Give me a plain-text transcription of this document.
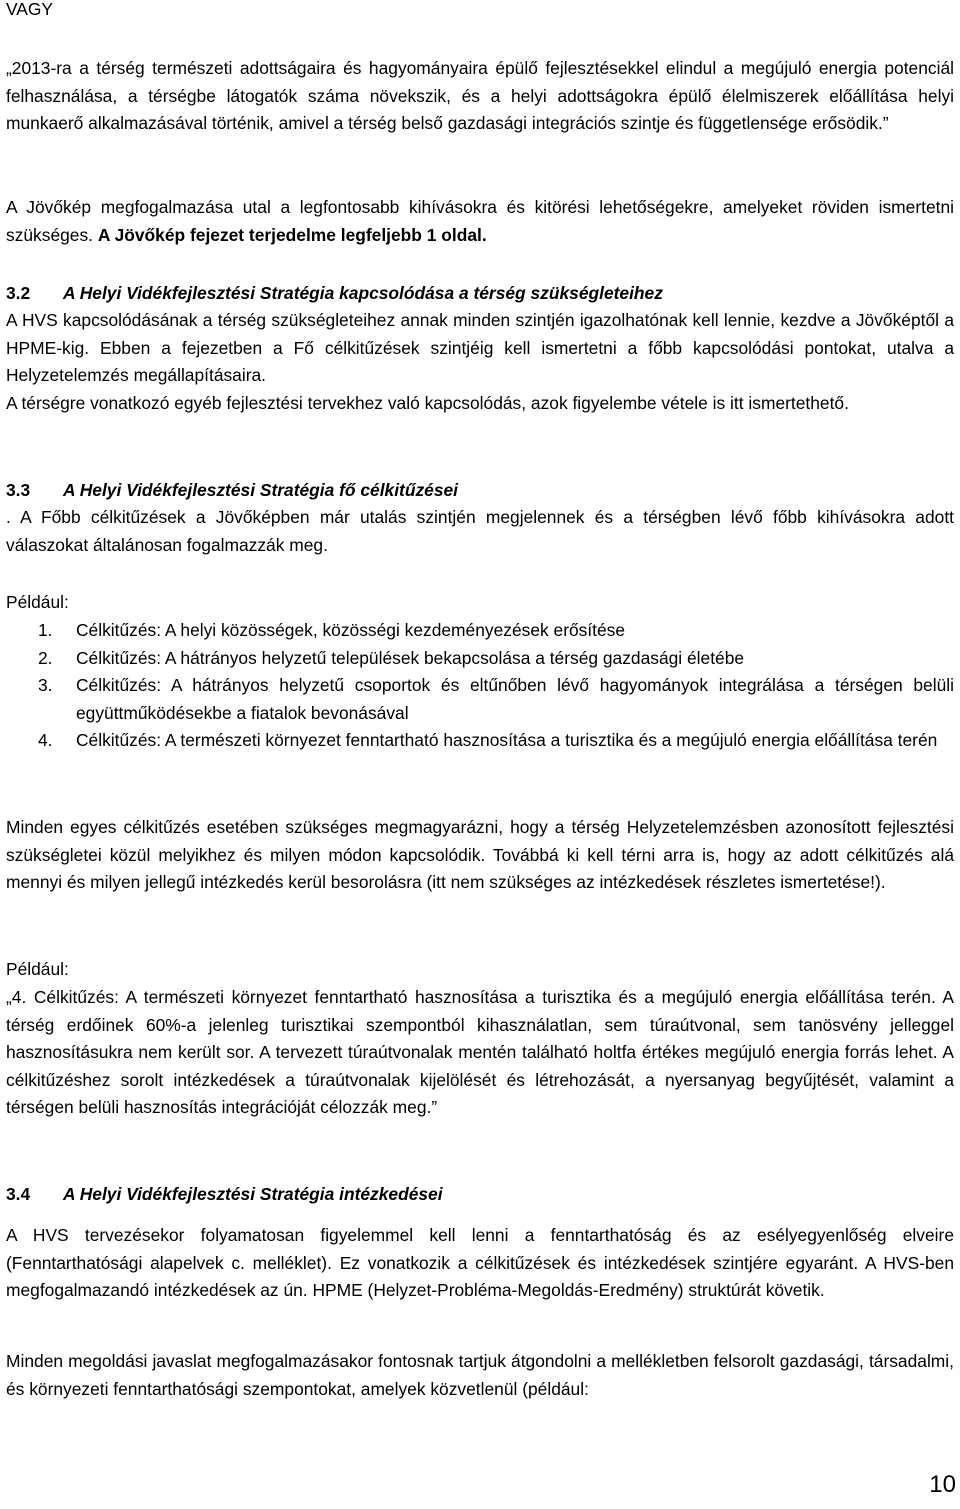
VAGY
„2013-ra a térség természeti adottságaira és hagyományaira épülő fejlesztésekkel elindul a megújuló energia potenciál felhasználása, a térségbe látogatók száma növekszik, és a helyi adottságokra épülő élelmiszerek előállítása helyi munkaerő alkalmazásával történik, amivel a térség belső gazdasági integrációs szintje és függetlensége erősödik.”
A Jövőkép megfogalmazása utal a legfontosabb kihívásokra és kitörési lehetőségekre, amelyeket röviden ismertetni szükséges. A Jövőkép fejezet terjedelme legfeljebb 1 oldal.
3.2 A Helyi Vidékfejlesztési Stratégia kapcsolódása a térség szükségleteihez
A HVS kapcsolódásának a térség szükségleteihez annak minden szintjén igazolhatónak kell lennie, kezdve a Jövőképtől a HPME-kig. Ebben a fejezetben a Fő célkitűzések szintjéig kell ismertetni a főbb kapcsolódási pontokat, utalva a Helyzetelemzés megállapításaira.
A térségre vonatkozó egyéb fejlesztési tervekhez való kapcsolódás, azok figyelembe vétele is itt ismertethető.
3.3 A Helyi Vidékfejlesztési Stratégia fő célkitűzései
. A Főbb célkitűzések a Jövőképben már utalás szintjén megjelennek és a térségben lévő főbb kihívásokra adott válaszokat általánosan fogalmazzák meg.
Például:
1. Célkitűzés: A helyi közösségek, közösségi kezdeményezések erősítése
2. Célkitűzés: A hátrányos helyzetű települések bekapcsolása a térség gazdasági életébe
3. Célkitűzés: A hátrányos helyzetű csoportok és eltűnőben lévő hagyományok integrálása a térségen belüli együttműködésekbe a fiatalok bevonásával
4. Célkitűzés: A természeti környezet fenntartható hasznosítása a turisztika és a megújuló energia előállítása terén
Minden egyes célkitűzés esetében szükséges megmagyarázni, hogy a térség Helyzetelemzésben azonosított fejlesztési szükségletei közül melyikhez és milyen módon kapcsolódik. Továbbá ki kell térni arra is, hogy az adott célkitűzés alá mennyi és milyen jellegű intézkedés kerül besorolásra (itt nem szükséges az intézkedések részletes ismertetése!).
Például:
„4. Célkitűzés: A természeti környezet fenntartható hasznosítása a turisztika és a megújuló energia előállítása terén. A térség erdőinek 60%-a jelenleg turisztikai szempontból kihasználatlan, sem túraútvonal, sem tanösvény jelleggel hasznosításukra nem került sor. A tervezett túraútvonalak mentén található holtfa értékes megújuló energia forrás lehet. A célkitűzéshez sorolt intézkedések a túraútvonalak kijelölését és létrehozását, a nyersanyag begyűjtését, valamint a térségen belüli hasznosítás integrációját célozzák meg.”
3.4 A Helyi Vidékfejlesztési Stratégia intézkedései
A HVS tervezésekor folyamatosan figyelemmel kell lenni a fenntarthatóság és az esélyegyenlőség elveire (Fenntarthatósági alapelvek c. melléklet). Ez vonatkozik a célkitűzések és intézkedések szintjére egyaránt. A HVS-ben megfogalmazandó intézkedések az ún. HPME (Helyzet-Probléma-Megoldás-Eredmény) struktúrát követik.
Minden megoldási javaslat megfogalmazásakor fontosnak tartjuk átgondolni a mellékletben felsorolt gazdasági, társadalmi, és környezeti fenntarthatósági szempontokat, amelyek közvetlenül (például:
10
